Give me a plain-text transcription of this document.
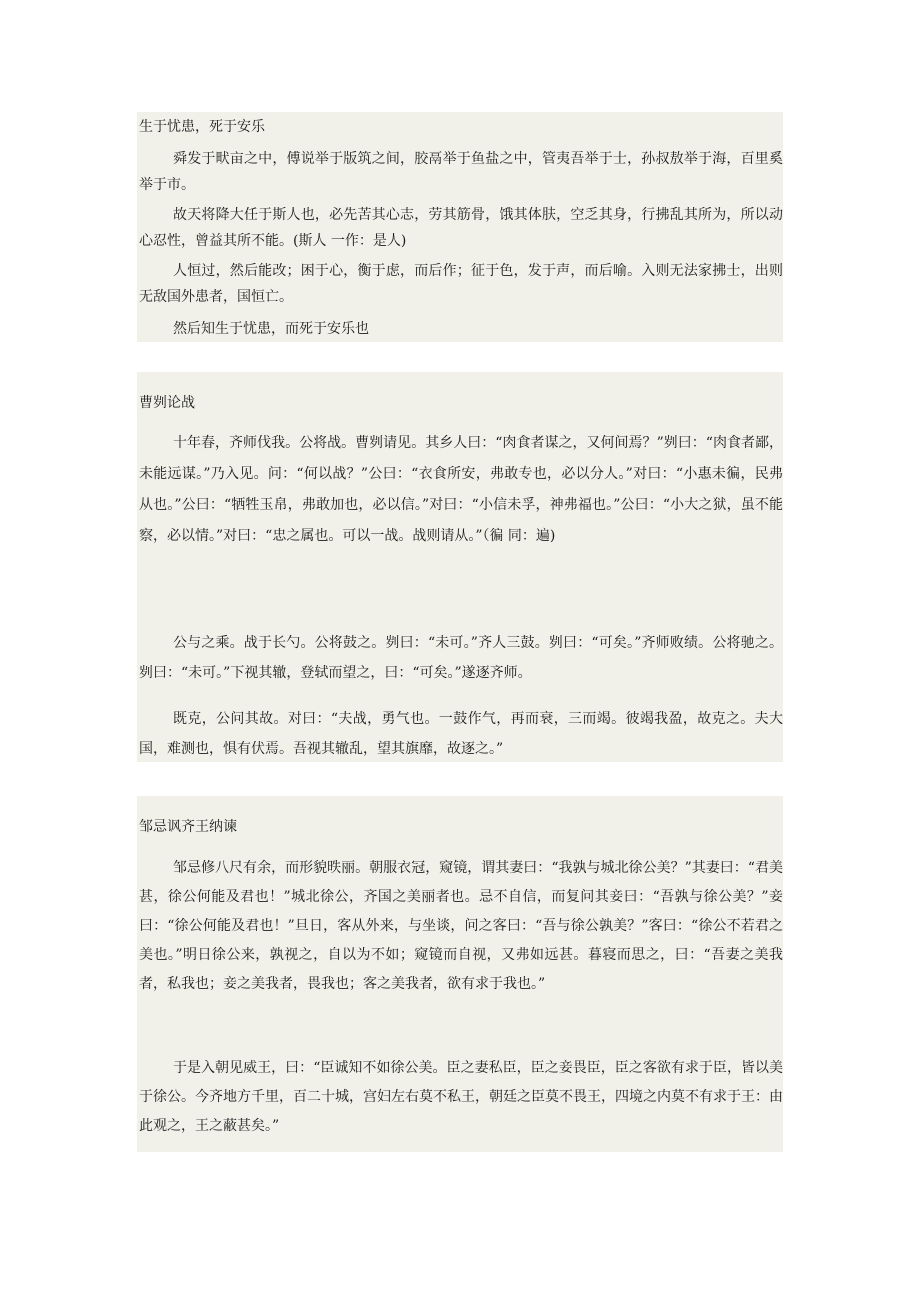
生于忧患，死于安乐
舜发于畎亩之中，傅说举于版筑之间，胶鬲举于鱼盐之中，管夷吾举于士，孙叔敖举于海，百里奚举于市。
故天将降大任于斯人也，必先苦其心志，劳其筋骨，饿其体肤，空乏其身，行拂乱其所为，所以动心忍性，曾益其所不能。(斯人 一作：是人)
人恒过，然后能改；困于心，衡于虑，而后作；征于色，发于声，而后喻。入则无法家拂士，出则无敌国外患者，国恒亡。
然后知生于忧患，而死于安乐也
曹刿论战
十年春，齐师伐我。公将战。曹刿请见。其乡人曰：“肉食者谋之，又何间焉？”刿曰：“肉食者鄙，未能远谋。”乃入见。问：“何以战？”公曰：“衣食所安，弗敢专也，必以分人。”对曰：“小惠未徧，民弗从也。”公曰：“牺牲玉帛，弗敢加也，必以信。”对曰：“小信未孚，神弗福也。”公曰：“小大之狱，虽不能察，必以情。”对曰：“忠之属也。可以一战。战则请从。”（徧 同：遍)
公与之乘。战于长勺。公将鼓之。刿曰：“未可。”齐人三鼓。刿曰：“可矣。”齐师败绩。公将驰之。刿曰：“未可。”下视其辙，登轼而望之，曰：“可矣。”遂逐齐师。
既克，公问其故。对曰：“夫战，勇气也。一鼓作气，再而衰，三而竭。彼竭我盈，故克之。夫大国，难测也，惧有伏焉。吾视其辙乱，望其旗靡，故逐之。”
邹忌讽齐王纳谏
邹忌修八尺有余，而形貌昳丽。朝服衣冠，窥镜，谓其妻曰：“我孰与城北徐公美？”其妻曰：“君美甚，徐公何能及君也！”城北徐公，齐国之美丽者也。忌不自信，而复问其妾曰：“吾孰与徐公美？”妾曰：“徐公何能及君也！”旦日，客从外来，与坐谈，问之客曰：“吾与徐公孰美？”客曰：“徐公不若君之美也。”明日徐公来，孰视之，自以为不如；窥镜而自视，又弗如远甚。暮寝而思之，曰：“吾妻之美我者，私我也；妾之美我者，畏我也；客之美我者，欲有求于我也。”
于是入朝见威王，曰：“臣诚知不如徐公美。臣之妻私臣，臣之妾畏臣，臣之客欲有求于臣，皆以美于徐公。今齐地方千里，百二十城，宫妇左右莫不私王，朝廷之臣莫不畏王，四境之内莫不有求于王：由此观之，王之蔽甚矣。”
